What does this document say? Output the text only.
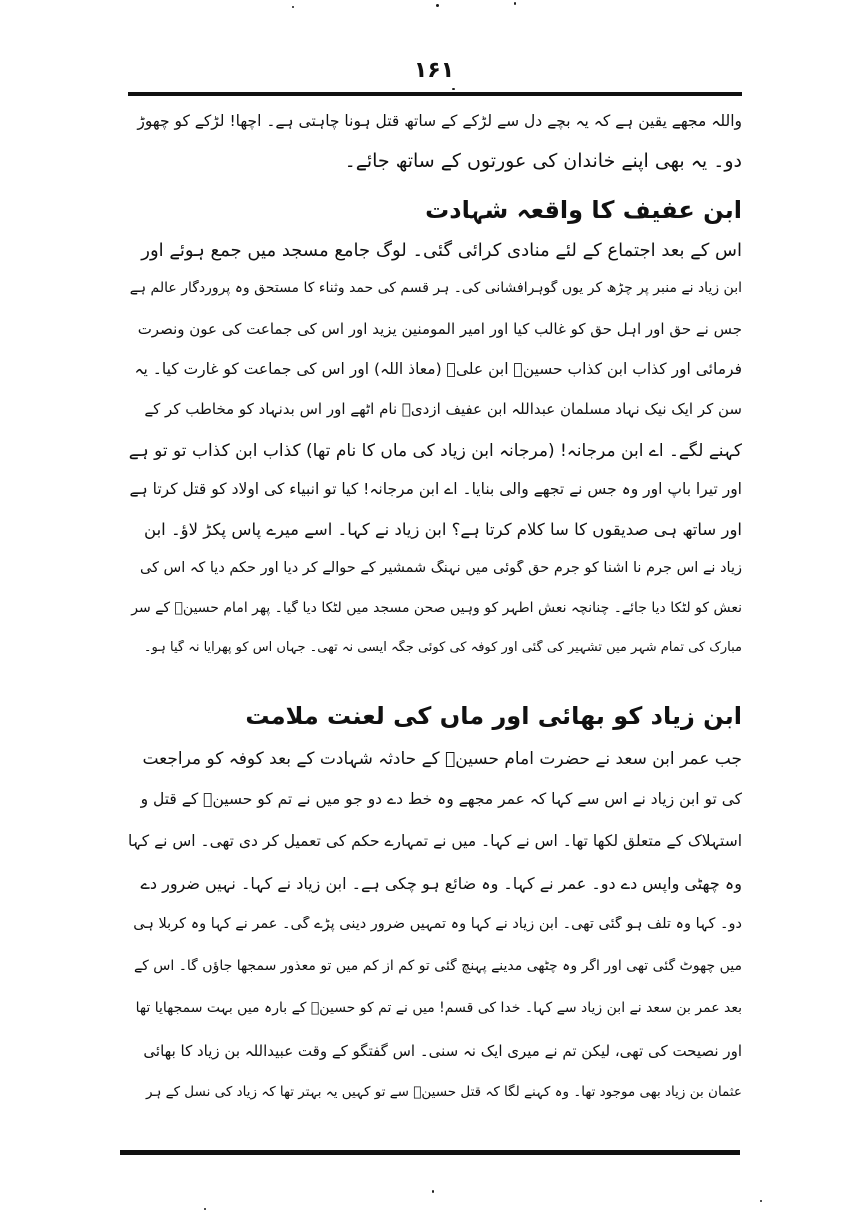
۱۶۱
واللہ مجھے یقین ہے کہ یہ بچے دل سے لڑکے کے ساتھ قتل ہونا چاہتی ہے۔ اچھا! لڑکے کو چھوڑ
دو۔ یہ بھی اپنے خاندان کی عورتوں کے ساتھ جائے۔
ابن عفیف کا واقعہ شہادت
اس کے بعد اجتماع کے لئے منادی کرائی گئی۔ لوگ جامع مسجد میں جمع ہوئے اور
ابن زیاد نے منبر پر چڑھ کر یوں گوہرافشانی کی۔ ہر قسم کی حمد وثناء کا مستحق وہ پروردگار عالم ہے
جس نے حق اور اہل حق کو غالب کیا اور امیر المومنین یزید اور اس کی جماعت کی عون ونصرت
فرمائی اور کذاب ابن کذاب حسینؓ ابن علیؓ (معاذ اللہ) اور اس کی جماعت کو غارت کیا۔ یہ
سن کر ایک نیک نہاد مسلمان عبداللہ ابن عفیف ازدیؒ نام اٹھے اور اس بدنہاد کو مخاطب کر کے
کہنے لگے۔ اے ابن مرجانہ! (مرجانہ ابن زیاد کی ماں کا نام تھا) کذاب ابن کذاب تو تو ہے
اور تیرا باپ اور وہ جس نے تجھے والی بنایا۔ اے ابن مرجانہ! کیا تو انبیاء کی اولاد کو قتل کرتا ہے
اور ساتھ ہی صدیقوں کا سا کلام کرتا ہے؟ ابن زیاد نے کہا۔ اسے میرے پاس پکڑ لاؤ۔ ابن
زیاد نے اس جرم نا آشنا کو جرم حق گوئی میں نہنگ شمشیر کے حوالے کر دیا اور حکم دیا کہ اس کی
نعش کو لٹکا دیا جائے۔ چنانچہ نعش اطہر کو وہیں صحن مسجد میں لٹکا دیا گیا۔ پھر امام حسینؓ کے سر
مبارک کی تمام شہر میں تشہیر کی گئی اور کوفہ کی کوئی جگہ ایسی نہ تھی۔ جہاں اس کو پھرایا نہ گیا ہو۔
ابن زیاد کو بھائی اور ماں کی لعنت ملامت
جب عمر ابن سعد نے حضرت امام حسینؓ کے حادثہ شہادت کے بعد کوفہ کو مراجعت
کی تو ابن زیاد نے اس سے کہا کہ عمر مجھے وہ خط دے دو جو میں نے تم کو حسینؓ کے قتل و
استہلاک کے متعلق لکھا تھا۔ اس نے کہا۔ میں نے تمہارے حکم کی تعمیل کر دی تھی۔ اس نے کہا
وہ چھٹی واپس دے دو۔ عمر نے کہا۔ وہ ضائع ہو چکی ہے۔ ابن زیاد نے کہا۔ نہیں ضرور دے
دو۔ کہا وہ تلف ہو گئی تھی۔ ابن زیاد نے کہا وہ تمہیں ضرور دینی پڑے گی۔ عمر نے کہا وہ کربلا ہی
میں چھوٹ گئی تھی اور اگر وہ چٹھی مدینے پہنچ گئی تو کم از کم میں تو معذور سمجھا جاؤں گا۔ اس کے
بعد عمر بن سعد نے ابن زیاد سے کہا۔ خدا کی قسم! میں نے تم کو حسینؓ کے بارہ میں بہت سمجھایا تھا
اور نصیحت کی تھی، لیکن تم نے میری ایک نہ سنی۔ اس گفتگو کے وقت عبیداللہ بن زیاد کا بھائی
عثمان بن زیاد بھی موجود تھا۔ وہ کہنے لگا کہ قتل حسینؓ سے تو کہیں یہ بہتر تھا کہ زیاد کی نسل کے ہر
